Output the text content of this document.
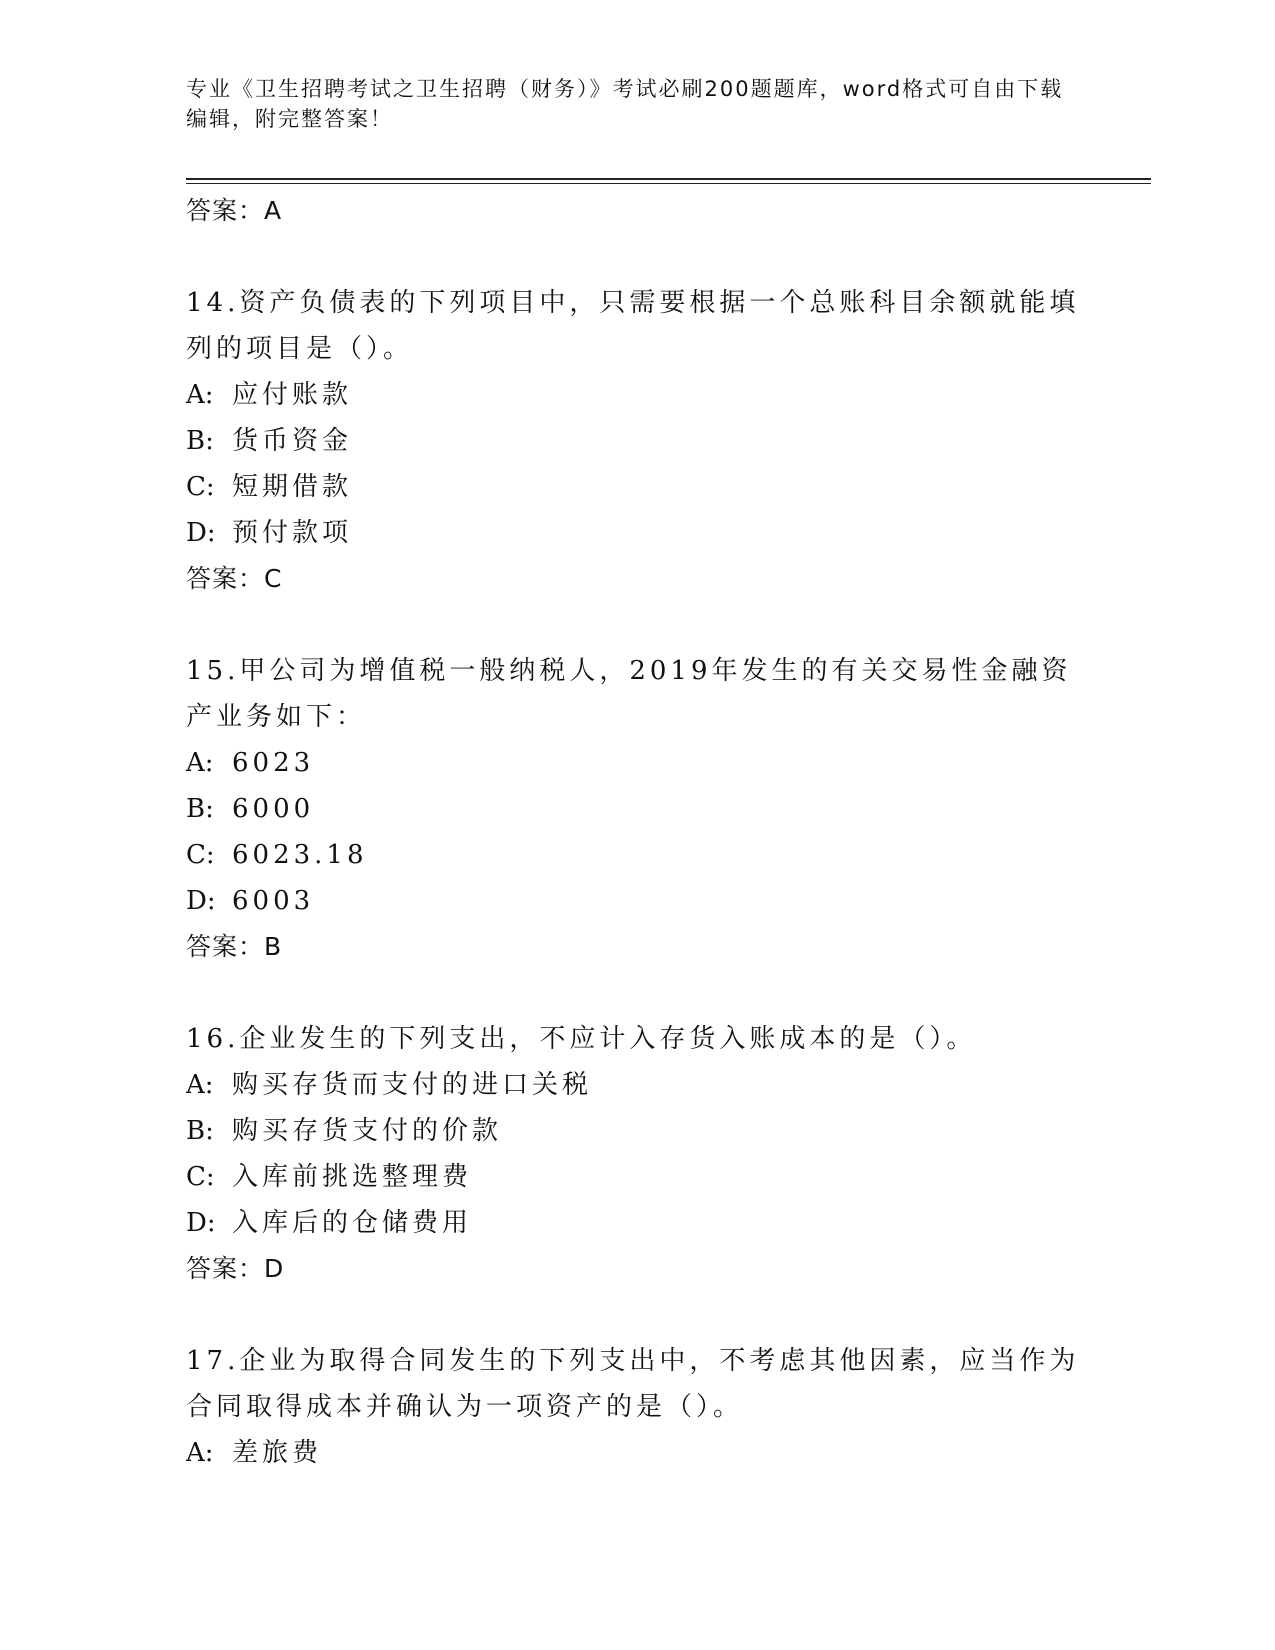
专业《卫生招聘考试之卫生招聘（财务）》考试必刷200题题库，word格式可自由下载编辑，附完整答案！
答案：A
14.资产负债表的下列项目中，只需要根据一个总账科目余额就能填列的项目是（）。
A: 应付账款
B: 货币资金
C: 短期借款
D: 预付款项
答案：C
15.甲公司为增值税一般纳税人，2019年发生的有关交易性金融资产业务如下：
A: 6023
B: 6000
C: 6023.18
D: 6003
答案：B
16.企业发生的下列支出，不应计入存货入账成本的是（）。
A: 购买存货而支付的进口关税
B: 购买存货支付的价款
C: 入库前挑选整理费
D: 入库后的仓储费用
答案：D
17.企业为取得合同发生的下列支出中，不考虑其他因素，应当作为合同取得成本并确认为一项资产的是（）。
A: 差旅费
